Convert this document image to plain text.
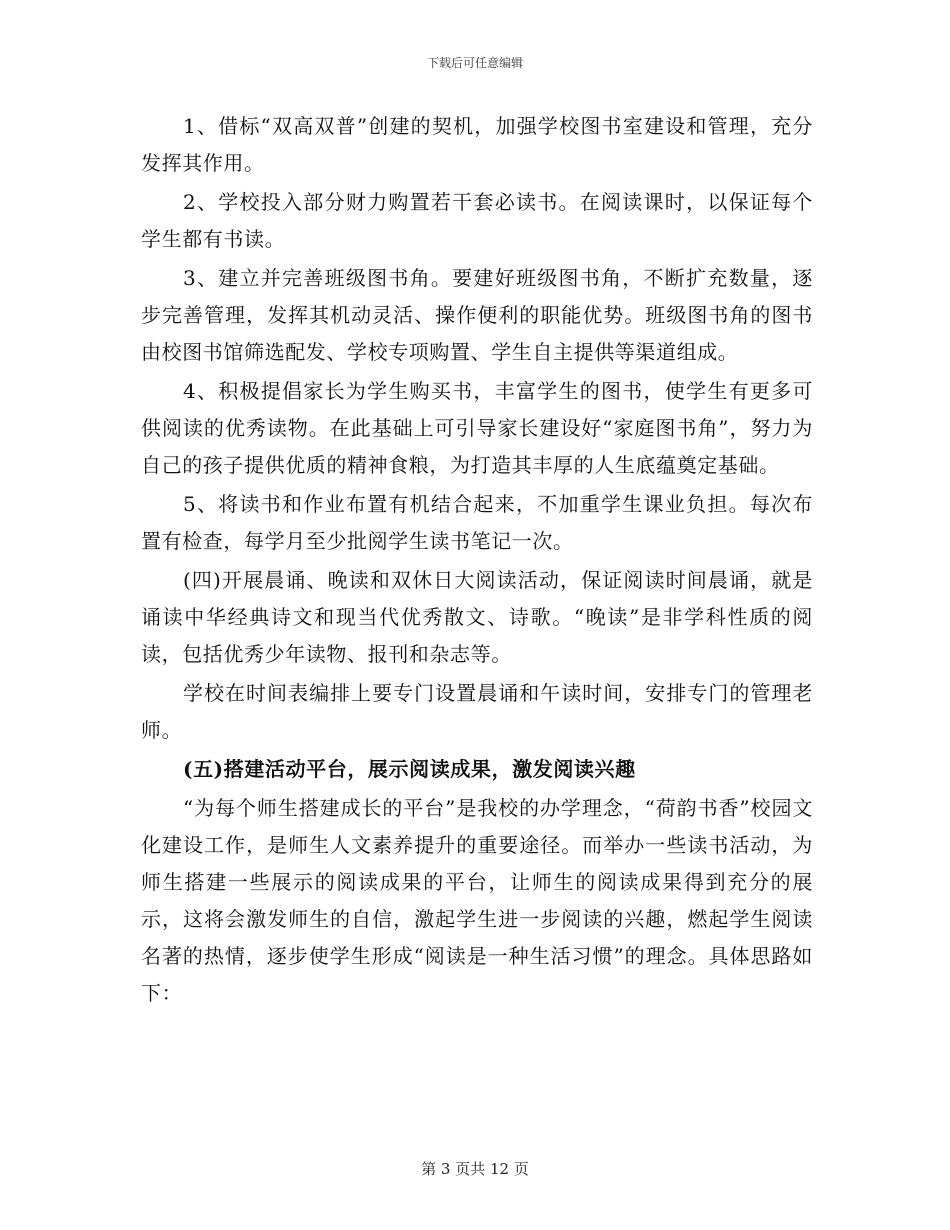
下载后可任意编辑

1、借标“双高双普”创建的契机，加强学校图书室建设和管理，充分发挥其作用。

2、学校投入部分财力购置若干套必读书。在阅读课时，以保证每个学生都有书读。

3、建立并完善班级图书角。要建好班级图书角，不断扩充数量，逐步完善管理，发挥其机动灵活、操作便利的职能优势。班级图书角的图书由校图书馆筛选配发、学校专项购置、学生自主提供等渠道组成。

4、积极提倡家长为学生购买书，丰富学生的图书，使学生有更多可供阅读的优秀读物。在此基础上可引导家长建设好“家庭图书角”，努力为自己的孩子提供优质的精神食粮，为打造其丰厚的人生底蕴奠定基础。

5、将读书和作业布置有机结合起来，不加重学生课业负担。每次布置有检查，每学月至少批阅学生读书笔记一次。

(四)开展晨诵、晚读和双休日大阅读活动，保证阅读时间晨诵，就是诵读中华经典诗文和现当代优秀散文、诗歌。“晚读”是非学科性质的阅读，包括优秀少年读物、报刊和杂志等。

学校在时间表编排上要专门设置晨诵和午读时间，安排专门的管理老师。

(五)搭建活动平台，展示阅读成果，激发阅读兴趣

“为每个师生搭建成长的平台”是我校的办学理念，“荷韵书香”校园文化建设工作，是师生人文素养提升的重要途径。而举办一些读书活动，为师生搭建一些展示的阅读成果的平台，让师生的阅读成果得到充分的展示，这将会激发师生的自信，激起学生进一步阅读的兴趣，燃起学生阅读名著的热情，逐步使学生形成“阅读是一种生活习惯”的理念。具体思路如下：

第 3 页共 12 页
